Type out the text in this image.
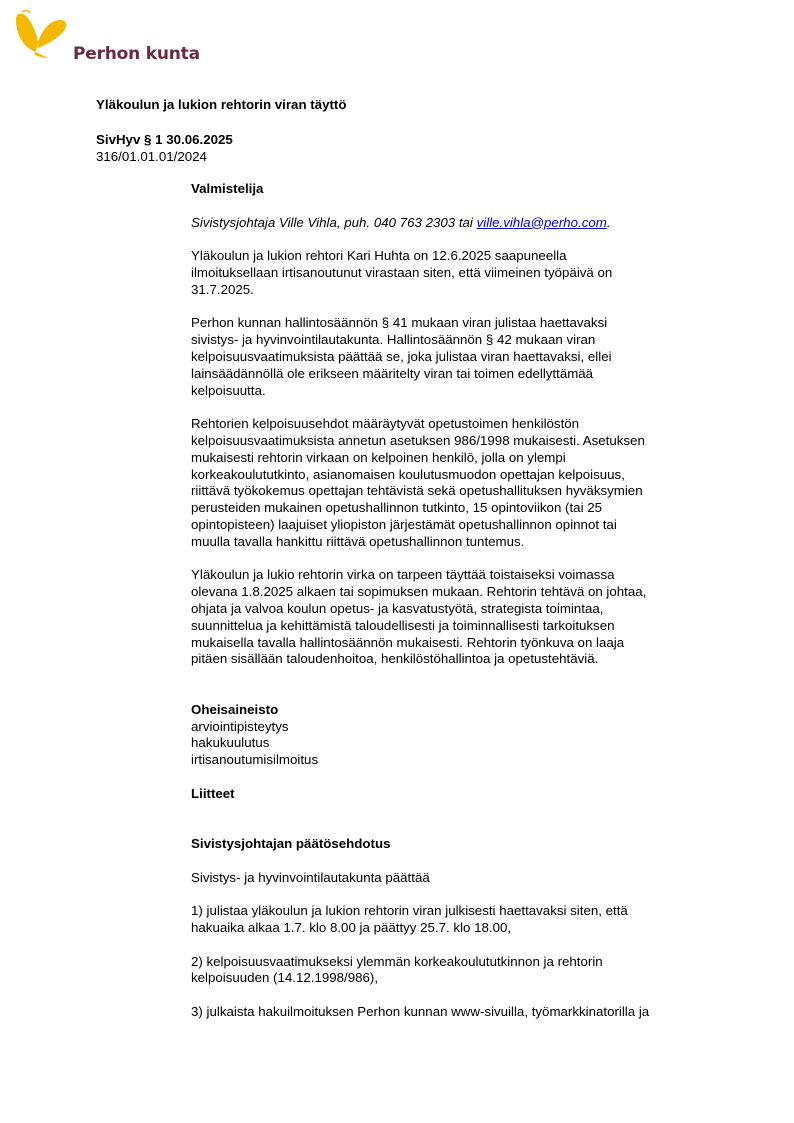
Perhon kunta
Yläkoulun ja lukion rehtorin viran täyttö
SivHyv § 1 30.06.2025
316/01.01.01/2024

Valmistelija

Sivistysjohtaja Ville Vihla, puh. 040 763 2303 tai ville.vihla@perho.com.

Yläkoulun ja lukion rehtori Kari Huhta on 12.6.2025 saapuneella

ilmoituksellaan irtisanoutunut virastaan siten, että viimeinen työpäivä on

31.7.2025.

Perhon kunnan hallintosäännön § 41 mukaan viran julistaa haettavaksi

sivistys- ja hyvinvointilautakunta. Hallintosäännön § 42 mukaan viran

kelpoisuusvaatimuksista päättää se, joka julistaa viran haettavaksi, ellei

lainsäädännöllä ole erikseen määritelty viran tai toimen edellyttämää

kelpoisuutta.

Rehtorien kelpoisuusehdot määräytyvät opetustoimen henkilöstön

kelpoisuusvaatimuksista annetun asetuksen 986/1998 mukaisesti. Asetuksen

mukaisesti rehtorin virkaan on kelpoinen henkilö, jolla on ylempi

korkeakoulututkinto, asianomaisen koulutusmuodon opettajan kelpoisuus,

riittävä työkokemus opettajan tehtävistä sekä opetushallituksen hyväksymien

perusteiden mukainen opetushallinnon tutkinto, 15 opintoviikon (tai 25

opintopisteen) laajuiset yliopiston järjestämät opetushallinnon opinnot tai

muulla tavalla hankittu riittävä opetushallinnon tuntemus.

Yläkoulun ja lukio rehtorin virka on tarpeen täyttää toistaiseksi voimassa

olevana 1.8.2025 alkaen tai sopimuksen mukaan. Rehtorin tehtävä on johtaa,

ohjata ja valvoa koulun opetus- ja kasvatustyötä, strategista toimintaa,

suunnittelua ja kehittämistä taloudellisesti ja toiminnallisesti tarkoituksen

mukaisella tavalla hallintosäännön mukaisesti. Rehtorin työnkuva on laaja

pitäen sisällään taloudenhoitoa, henkilöstöhallintoa ja opetustehtäviä.

Oheisaineisto

arviointipisteytys

hakukuulutus

irtisanoutumisilmoitus

Liitteet

Sivistysjohtajan päätösehdotus

Sivistys- ja hyvinvointilautakunta päättää

1) julistaa yläkoulun ja lukion rehtorin viran julkisesti haettavaksi siten, että

hakuaika alkaa 1.7. klo 8.00 ja päättyy 25.7. klo 18.00,

2) kelpoisuusvaatimukseksi ylemmän korkeakoulututkinnon ja rehtorin

kelpoisuuden (14.12.1998/986),

3) julkaista hakuilmoituksen Perhon kunnan www-sivuilla, työmarkkinatorilla ja
